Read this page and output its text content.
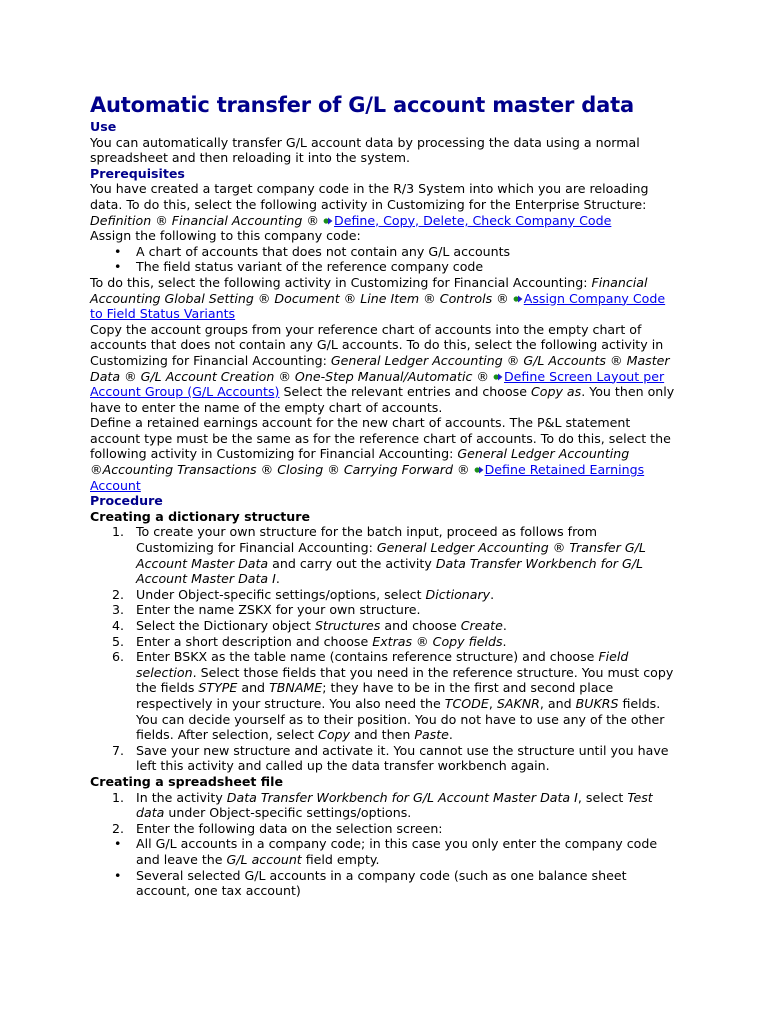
Automatic transfer of G/L account master data
Use

You can automatically transfer G/L account data by processing the data using a normal spreadsheet and then reloading it into the system.

Prerequisites

You have created a target company code in the R/3 System into which you are reloading data. To do this, select the following activity in Customizing for the Enterprise Structure: Definition ® Financial Accounting ® Define, Copy, Delete, Check Company Code

Assign the following to this company code:

• A chart of accounts that does not contain any G/L accounts
• The field status variant of the reference company code

To do this, select the following activity in Customizing for Financial Accounting: Financial Accounting Global Setting ® Document ® Line Item ® Controls ® Assign Company Code to Field Status Variants

Copy the account groups from your reference chart of accounts into the empty chart of accounts that does not contain any G/L accounts. To do this, select the following activity in Customizing for Financial Accounting: General Ledger Accounting ® G/L Accounts ® Master Data ® G/L Account Creation ® One-Step Manual/Automatic ® Define Screen Layout per Account Group (G/L Accounts) Select the relevant entries and choose Copy as. You then only have to enter the name of the empty chart of accounts.

Define a retained earnings account for the new chart of accounts. The P&L statement account type must be the same as for the reference chart of accounts. To do this, select the following activity in Customizing for Financial Accounting: General Ledger Accounting ®Accounting Transactions ® Closing ® Carrying Forward ® Define Retained Earnings Account

Procedure
Creating a dictionary structure
1. To create your own structure for the batch input, proceed as follows from Customizing for Financial Accounting: General Ledger Accounting ® Transfer G/L Account Master Data and carry out the activity Data Transfer Workbench for G/L Account Master Data I.
2. Under Object-specific settings/options, select Dictionary.
3. Enter the name ZSKX for your own structure.
4. Select the Dictionary object Structures and choose Create.
5. Enter a short description and choose Extras ® Copy fields.
6. Enter BSKX as the table name (contains reference structure) and choose Field selection. Select those fields that you need in the reference structure. You must copy the fields STYPE and TBNAME; they have to be in the first and second place respectively in your structure. You also need the TCODE, SAKNR, and BUKRS fields. You can decide yourself as to their position. You do not have to use any of the other fields. After selection, select Copy and then Paste.
7. Save your new structure and activate it. You cannot use the structure until you have left this activity and called up the data transfer workbench again.
Creating a spreadsheet file
1. In the activity Data Transfer Workbench for G/L Account Master Data I, select Test data under Object-specific settings/options.
2. Enter the following data on the selection screen:
• All G/L accounts in a company code; in this case you only enter the company code and leave the G/L account field empty.
• Several selected G/L accounts in a company code (such as one balance sheet account, one tax account)
